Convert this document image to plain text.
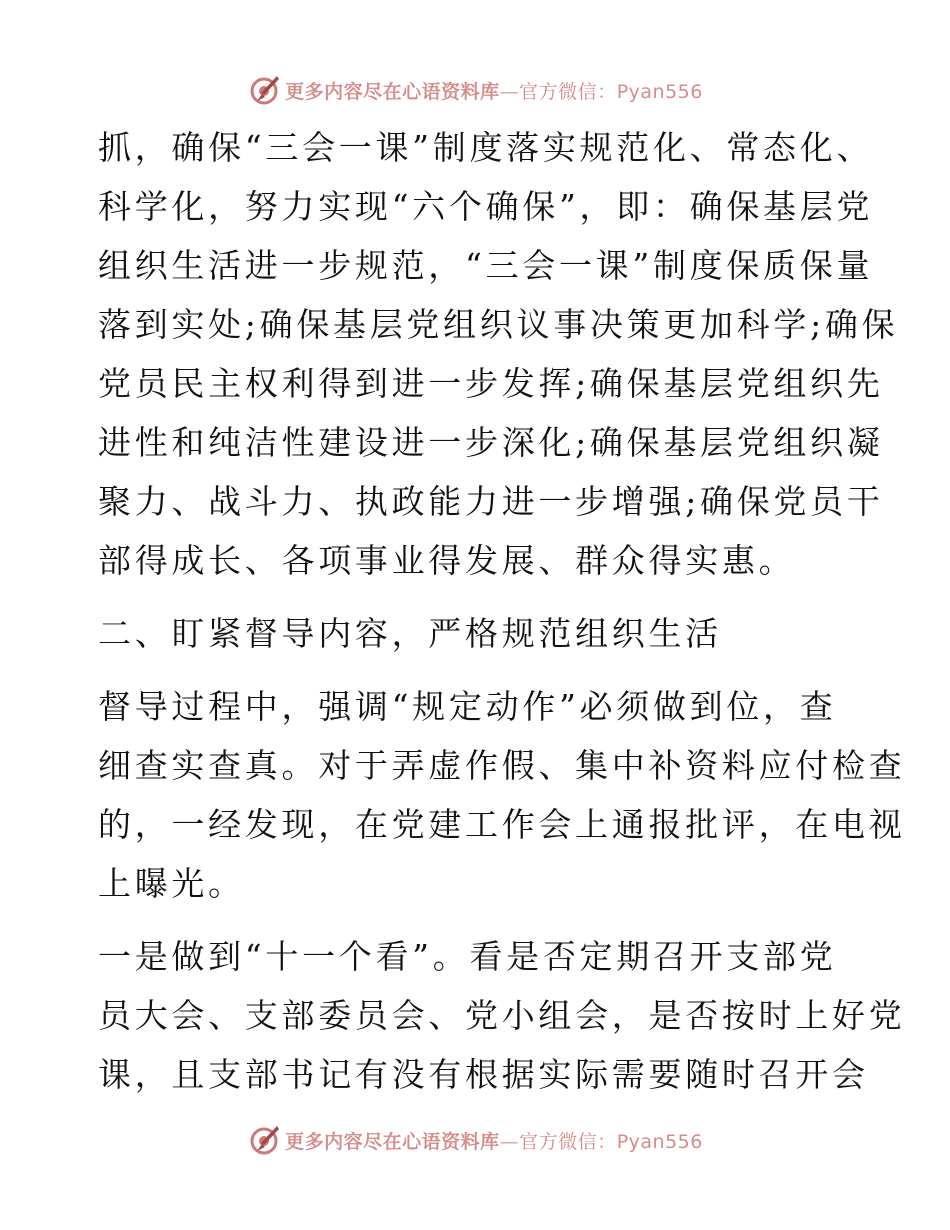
更多内容尽在心语资料库—官方微信：Pyan556

抓，确保“三会一课”制度落实规范化、常态化、
科学化，努力实现“六个确保”，即：确保基层党
组织生活进一步规范，“三会一课”制度保质保量
落到实处;确保基层党组织议事决策更加科学;确保
党员民主权利得到进一步发挥;确保基层党组织先
进性和纯洁性建设进一步深化;确保基层党组织凝
聚力、战斗力、执政能力进一步增强;确保党员干
部得成长、各项事业得发展、群众得实惠。

二、盯紧督导内容，严格规范组织生活

督导过程中，强调“规定动作”必须做到位，查
细查实查真。对于弄虚作假、集中补资料应付检查
的，一经发现，在党建工作会上通报批评，在电视
上曝光。

一是做到“十一个看”。看是否定期召开支部党
员大会、支部委员会、党小组会，是否按时上好党
课，且支部书记有没有根据实际需要随时召开会

更多内容尽在心语资料库—官方微信：Pyan556
